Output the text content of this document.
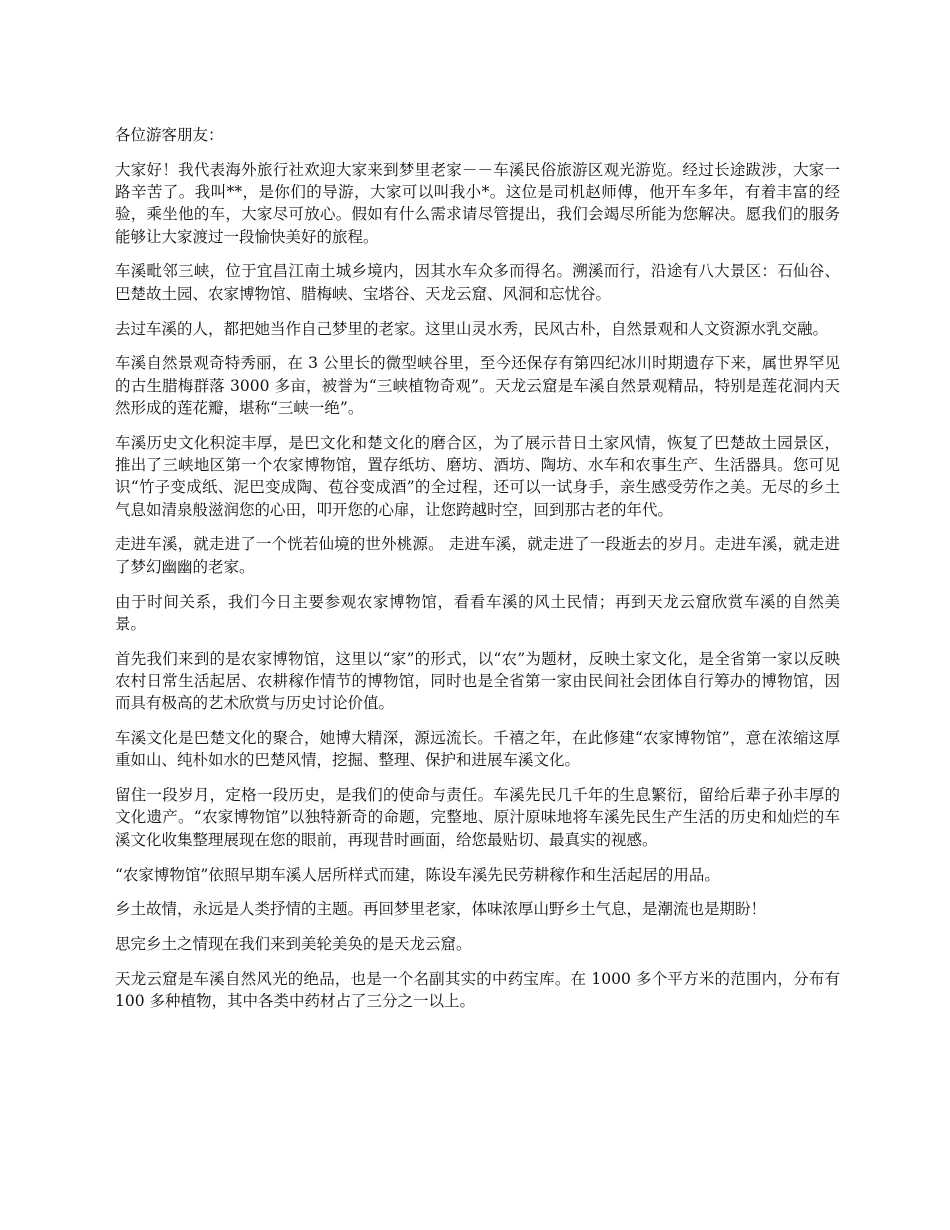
各位游客朋友：

大家好！我代表海外旅行社欢迎大家来到梦里老家－－车溪民俗旅游区观光游览。经过长途跋涉，大家一路辛苦了。我叫**，是你们的导游，大家可以叫我小*。这位是司机赵师傅，他开车多年，有着丰富的经验，乘坐他的车，大家尽可放心。假如有什么需求请尽管提出，我们会竭尽所能为您解决。愿我们的服务能够让大家渡过一段愉快美好的旅程。

车溪毗邻三峡，位于宜昌江南土城乡境内，因其水车众多而得名。溯溪而行，沿途有八大景区：石仙谷、巴楚故土园、农家博物馆、腊梅峡、宝塔谷、天龙云窟、风洞和忘忧谷。

去过车溪的人，都把她当作自己梦里的老家。这里山灵水秀，民风古朴，自然景观和人文资源水乳交融。

车溪自然景观奇特秀丽，在 3 公里长的微型峡谷里，至今还保存有第四纪冰川时期遗存下来，属世界罕见的古生腊梅群落 3000 多亩，被誉为“三峡植物奇观”。天龙云窟是车溪自然景观精品，特别是莲花洞内天然形成的莲花瓣，堪称“三峡一绝”。

车溪历史文化积淀丰厚，是巴文化和楚文化的磨合区，为了展示昔日土家风情，恢复了巴楚故土园景区，推出了三峡地区第一个农家博物馆，置存纸坊、磨坊、酒坊、陶坊、水车和农事生产、生活器具。您可见识“竹子变成纸、泥巴变成陶、苞谷变成酒”的全过程，还可以一试身手，亲生感受劳作之美。无尽的乡土气息如清泉般滋润您的心田，叩开您的心扉，让您跨越时空，回到那古老的年代。

走进车溪，就走进了一个恍若仙境的世外桃源。 走进车溪，就走进了一段逝去的岁月。走进车溪，就走进了梦幻幽幽的老家。

由于时间关系，我们今日主要参观农家博物馆，看看车溪的风土民情；再到天龙云窟欣赏车溪的自然美景。

首先我们来到的是农家博物馆，这里以“家”的形式，以“农”为题材，反映土家文化，是全省第一家以反映农村日常生活起居、农耕稼作情节的博物馆，同时也是全省第一家由民间社会团体自行筹办的博物馆，因而具有极高的艺术欣赏与历史讨论价值。

车溪文化是巴楚文化的聚合，她博大精深，源远流长。千禧之年，在此修建“农家博物馆”，意在浓缩这厚重如山、纯朴如水的巴楚风情，挖掘、整理、保护和进展车溪文化。

留住一段岁月，定格一段历史，是我们的使命与责任。车溪先民几千年的生息繁衍，留给后辈子孙丰厚的文化遗产。“农家博物馆”以独特新奇的命题，完整地、原汁原味地将车溪先民生产生活的历史和灿烂的车溪文化收集整理展现在您的眼前，再现昔时画面，给您最贴切、最真实的视感。

“农家博物馆”依照早期车溪人居所样式而建，陈设车溪先民劳耕稼作和生活起居的用品。

乡土故情，永远是人类抒情的主题。再回梦里老家，体味浓厚山野乡土气息，是潮流也是期盼！

思完乡土之情现在我们来到美轮美奂的是天龙云窟。

天龙云窟是车溪自然风光的绝品，也是一个名副其实的中药宝库。在 1000 多个平方米的范围内，分布有 100 多种植物，其中各类中药材占了三分之一以上。
